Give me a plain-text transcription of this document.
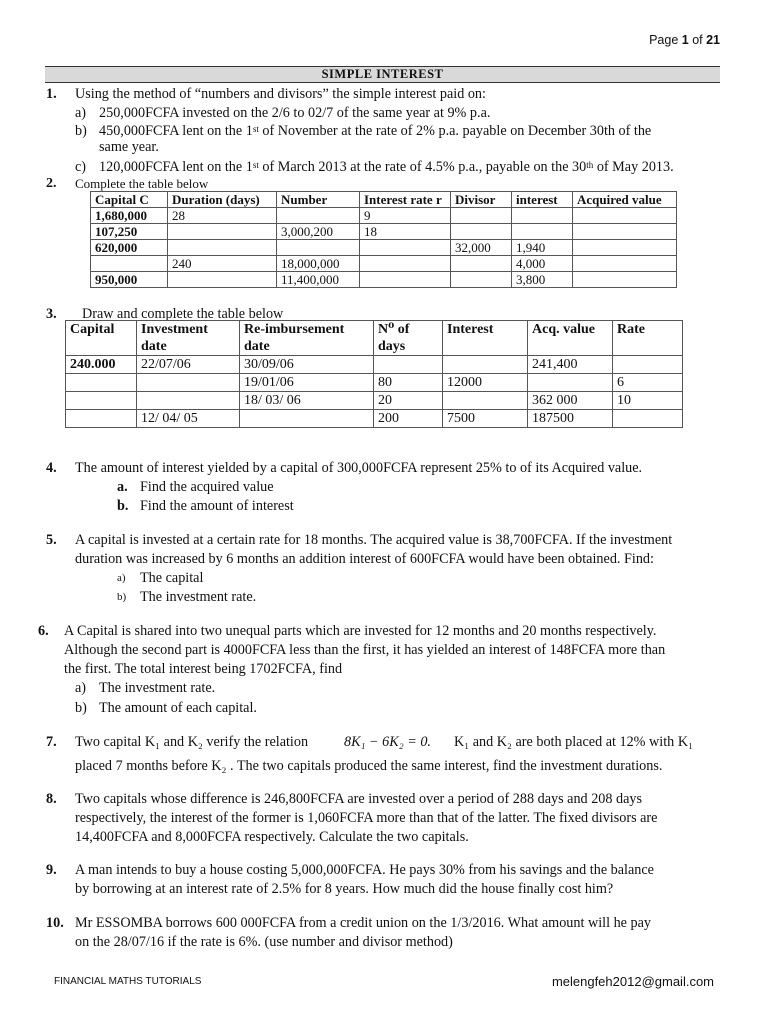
Page 1 of 21
SIMPLE INTEREST
1. Using the method of “numbers and divisors” the simple interest paid on:
a) 250,000FCFA invested on the 2/6 to 02/7 of the same year at 9% p.a.
b) 450,000FCFA lent on the 1st of November at the rate of 2% p.a. payable on December 30th of the
same year.
c) 120,000FCFA lent on the 1st of March 2013 at the rate of 4.5% p.a., payable on the 30th of May 2013.
2. Complete the table below
Capital C	Duration (days)	Number	Interest rate r	Divisor	interest	Acquired value
1,680,000	28		9			
107,250		3,000,200	18			
620,000				32,000	1,940	
	240	18,000,000			4,000	
950,000		11,400,000			3,800	
3. Draw and complete the table below
Capital	Investment date	Re-imbursement date	N⁰ of days	Interest	Acq. value	Rate
240.000	22/07/06	30/09/06			241,400	
		19/01/06	80	12000		6
		18/ 03/ 06	20		362 000	10
	12/ 04/ 05		200	7500	187500	
4. The amount of interest yielded by a capital of 300,000FCFA represent 25% to of its Acquired value.
a. Find the acquired value
b. Find the amount of interest
5. A capital is invested at a certain rate for 18 months. The acquired value is 38,700FCFA. If the investment
duration was increased by 6 months an addition interest of 600FCFA would have been obtained. Find:
a) The capital
b) The investment rate.
6. A Capital is shared into two unequal parts which are invested for 12 months and 20 months respectively.
Although the second part is 4000FCFA less than the first, it has yielded an interest of 148FCFA more than
the first. The total interest being 1702FCFA, find
a) The investment rate.
b) The amount of each capital.
7. Two capital K₁ and K₂ verify the relation	8K₁ − 6K₂ = 0. K₁ and K₂ are both placed at 12% with K₁
placed 7 months before K₂ . The two capitals produced the same interest, find the investment durations.
8. Two capitals whose difference is 246,800FCFA are invested over a period of 288 days and 208 days
respectively, the interest of the former is 1,060FCFA more than that of the latter. The fixed divisors are
14,400FCFA and 8,000FCFA respectively. Calculate the two capitals.
9. A man intends to buy a house costing 5,000,000FCFA. He pays 30% from his savings and the balance
by borrowing at an interest rate of 2.5% for 8 years. How much did the house finally cost him?
10. Mr ESSOMBA borrows 600 000FCFA from a credit union on the 1/3/2016. What amount will he pay
on the 28/07/16 if the rate is 6%. (use number and divisor method)
FINANCIAL MATHS TUTORIALS	melengfeh2012@gmail.com
